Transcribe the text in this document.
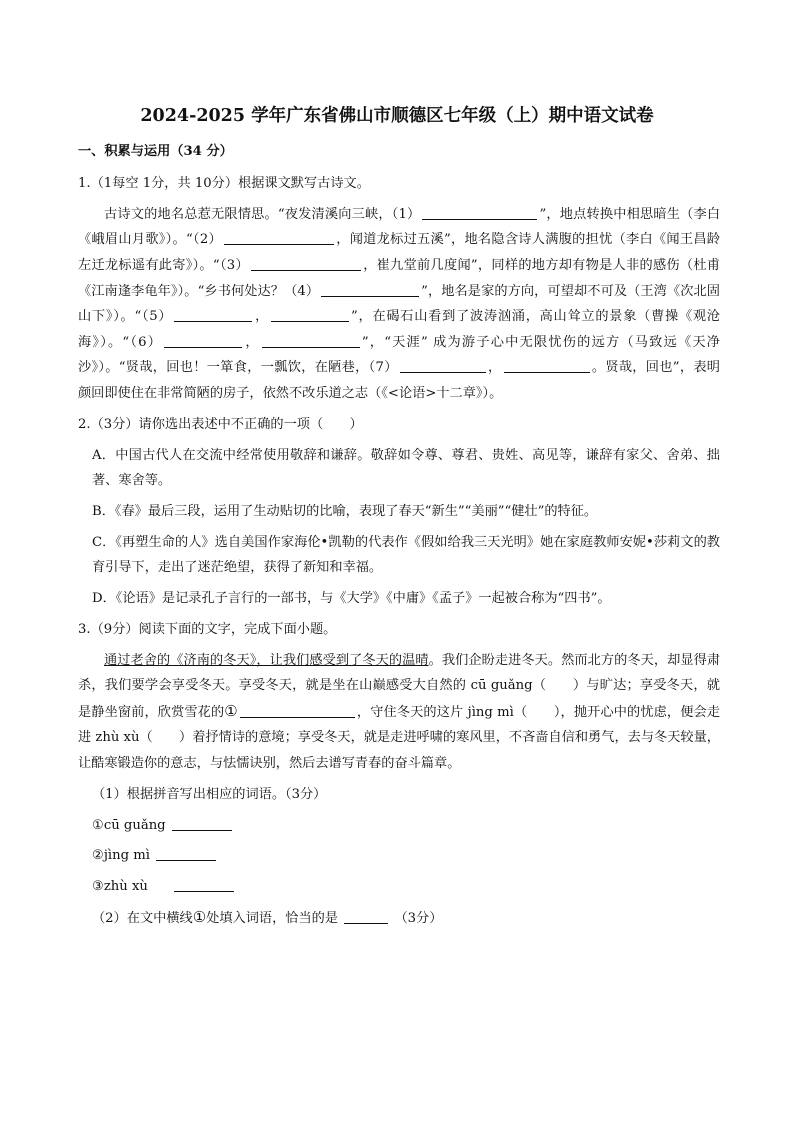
2024-2025 学年广东省佛山市顺德区七年级（上）期中语文试卷
一、积累与运用（34 分）

1.（1每空 1分，共 10分）根据课文默写古诗文。

古诗文的地名总惹无限情思。“夜发清溪向三峡，（1）	”，地点转换中相思暗生（李白《峨眉山月歌》）。“（2）	，闻道龙标过五溪”，地名隐含诗人满腹的担忧（李白《闻王昌龄左迁龙标遥有此寄》）。“（3）	，崔九堂前几度闻”，同样的地方却有物是人非的感伤（杜甫《江南逢李龟年》）。“乡书何处达？（4）	”，地名是家的方向，可望却不可及（王湾《次北固山下》）。“（5）	，	”，在碣石山看到了波涛汹涌，高山耸立的景象（曹操《观沧海》）。“（6）	，	”，“天涯” 成为游子心中无限忧伤的远方（马致远《天净沙》）。“贤哉，回也！一箪食，一瓢饮，在陋巷，（7）	，	。贤哉，回也”，表明颜回即使住在非常简陋的房子，依然不改乐道之志（《<论语>十二章》）。

2.（3分）请你选出表述中不正确的一项（　　）

A．中国古代人在交流中经常使用敬辞和谦辞。敬辞如令尊、尊君、贵姓、高见等，谦辞有家父、舍弟、拙著、寒舍等。

B．《春》最后三段，运用了生动贴切的比喻，表现了春天“新生”“美丽”“健壮”的特征。

C．《再塑生命的人》选自美国作家海伦•凯勒的代表作《假如给我三天光明》她在家庭教师安妮•莎莉文的教育引导下，走出了迷茫绝望，获得了新知和幸福。

D．《论语》是记录孔子言行的一部书，与《大学》《中庸》《孟子》一起被合称为“四书”。

3.（9分）阅读下面的文字，完成下面小题。

通过老舍的《济南的冬天》，让我们感受到了冬天的温晴。我们企盼走进冬天。然而北方的冬天，却显得肃杀，我们要学会享受冬天。享受冬天，就是坐在山巅感受大自然的 cū guǎng（　　）与旷达；享受冬天，就是静坐窗前，欣赏雪花的①	，守住冬天的这片 jìng mì（　　），抛开心中的忧虑，便会走进 zhù xù（　　）着抒情诗的意境；享受冬天，就是走进呼啸的寒风里，不吝啬自信和勇气，去与冬天较量，让酷寒锻造你的意志，与怯懦诀别，然后去谱写青春的奋斗篇章。

（1）根据拼音写出相应的词语。（3分）

①cū guǎng

②jìng mì

③zhù xù

（2）在文中横线①处填入词语，恰当的是	（3分）
